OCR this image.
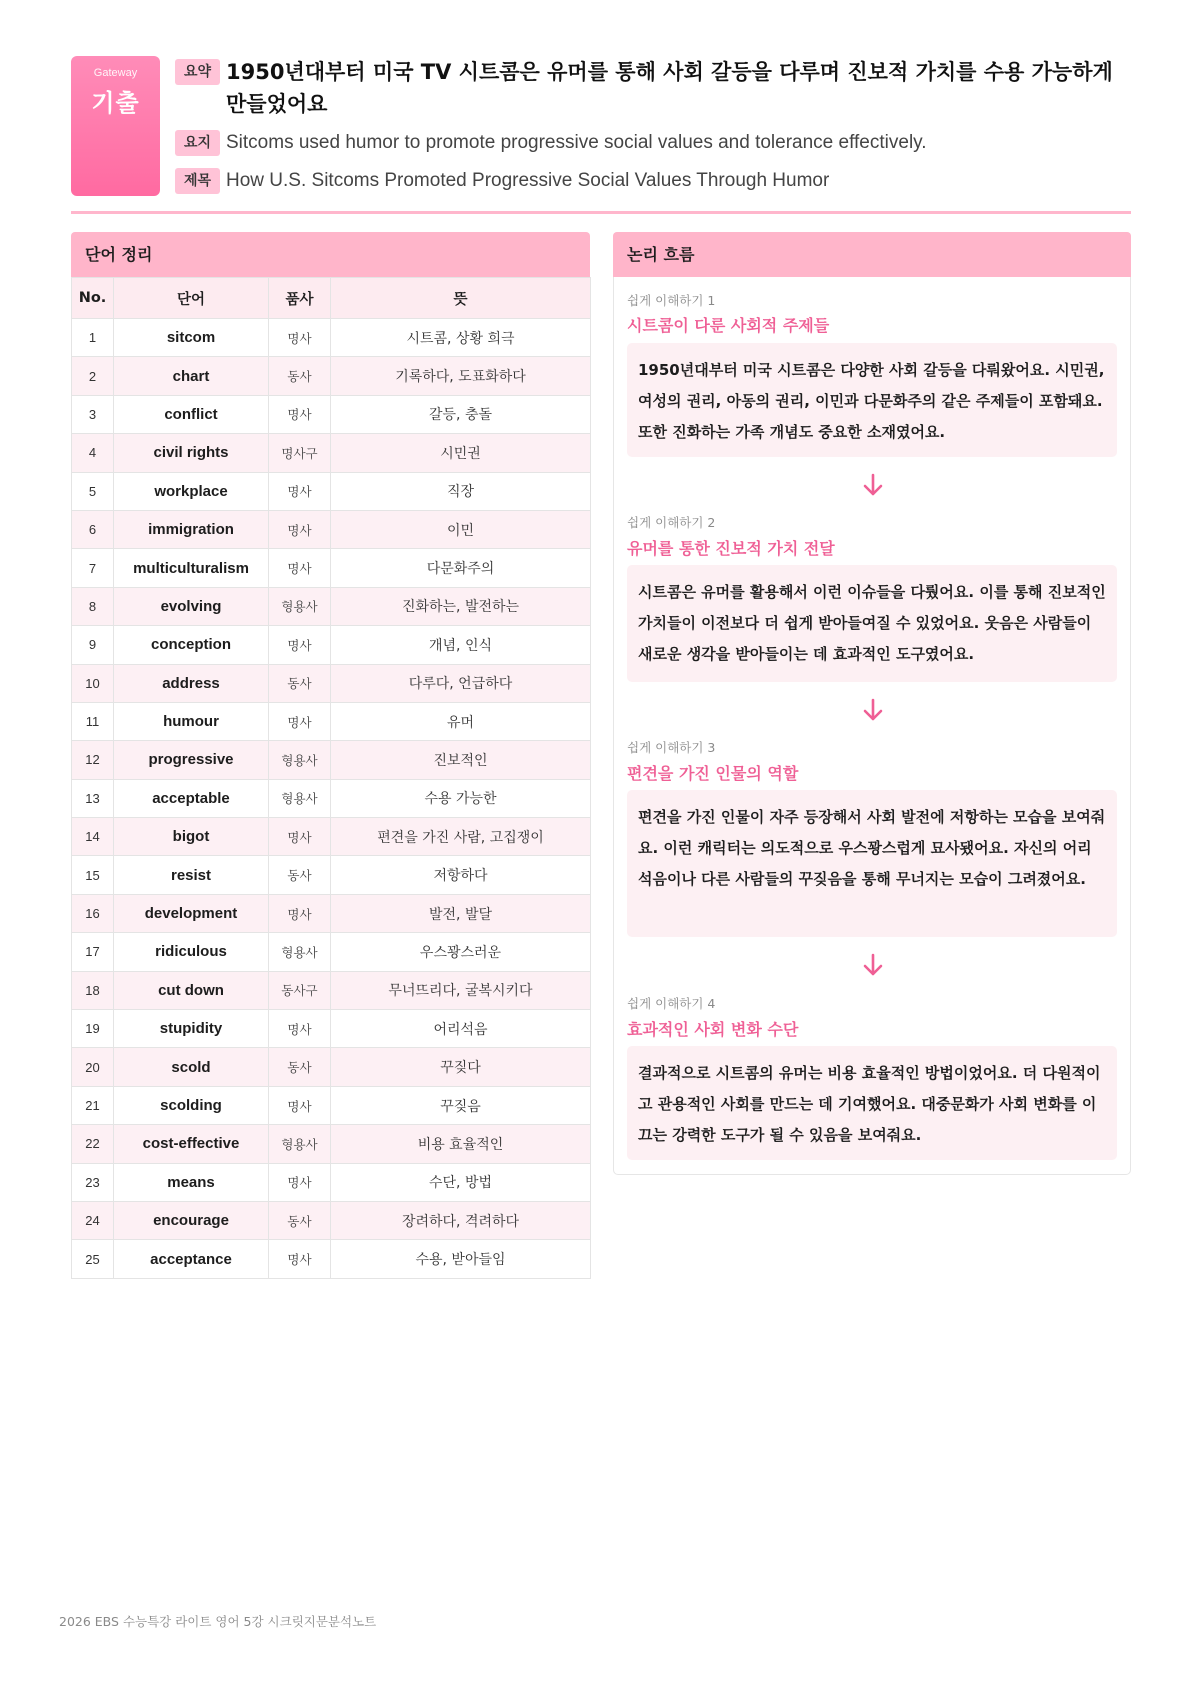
Gateway
기출
요약 1950년대부터 미국 TV 시트콤은 유머를 통해 사회 갈등을 다루며 진보적 가치를 수용 가능하게 만들었어요
요지 Sitcoms used humor to promote progressive social values and tolerance effectively.
제목 How U.S. Sitcoms Promoted Progressive Social Values Through Humor
단어 정리
No.	단어	품사	뜻
1	sitcom	명사	시트콤, 상황 희극
2	chart	동사	기록하다, 도표화하다
3	conflict	명사	갈등, 충돌
4	civil rights	명사구	시민권
5	workplace	명사	직장
6	immigration	명사	이민
7	multiculturalism	명사	다문화주의
8	evolving	형용사	진화하는, 발전하는
9	conception	명사	개념, 인식
10	address	동사	다루다, 언급하다
11	humour	명사	유머
12	progressive	형용사	진보적인
13	acceptable	형용사	수용 가능한
14	bigot	명사	편견을 가진 사람, 고집쟁이
15	resist	동사	저항하다
16	development	명사	발전, 발달
17	ridiculous	형용사	우스꽝스러운
18	cut down	동사구	무너뜨리다, 굴복시키다
19	stupidity	명사	어리석음
20	scold	동사	꾸짖다
21	scolding	명사	꾸짖음
22	cost-effective	형용사	비용 효율적인
23	means	명사	수단, 방법
24	encourage	동사	장려하다, 격려하다
25	acceptance	명사	수용, 받아들임
논리 흐름
쉽게 이해하기 1
시트콤이 다룬 사회적 주제들
1950년대부터 미국 시트콤은 다양한 사회 갈등을 다뤄왔어요. 시민권, 여성의 권리, 아동의 권리, 이민과 다문화주의 같은 주제들이 포함돼요. 또한 진화하는 가족 개념도 중요한 소재였어요.
쉽게 이해하기 2
유머를 통한 진보적 가치 전달
시트콤은 유머를 활용해서 이런 이슈들을 다뤘어요. 이를 통해 진보적인 가치들이 이전보다 더 쉽게 받아들여질 수 있었어요. 웃음은 사람들이 새로운 생각을 받아들이는 데 효과적인 도구였어요.
쉽게 이해하기 3
편견을 가진 인물의 역할
편견을 가진 인물이 자주 등장해서 사회 발전에 저항하는 모습을 보여줘요. 이런 캐릭터는 의도적으로 우스꽝스럽게 묘사됐어요. 자신의 어리석음이나 다른 사람들의 꾸짖음을 통해 무너지는 모습이 그려졌어요.
쉽게 이해하기 4
효과적인 사회 변화 수단
결과적으로 시트콤의 유머는 비용 효율적인 방법이었어요. 더 다원적이고 관용적인 사회를 만드는 데 기여했어요. 대중문화가 사회 변화를 이끄는 강력한 도구가 될 수 있음을 보여줘요.
2026 EBS 수능특강 라이트 영어 5강 시크릿지문분석노트
